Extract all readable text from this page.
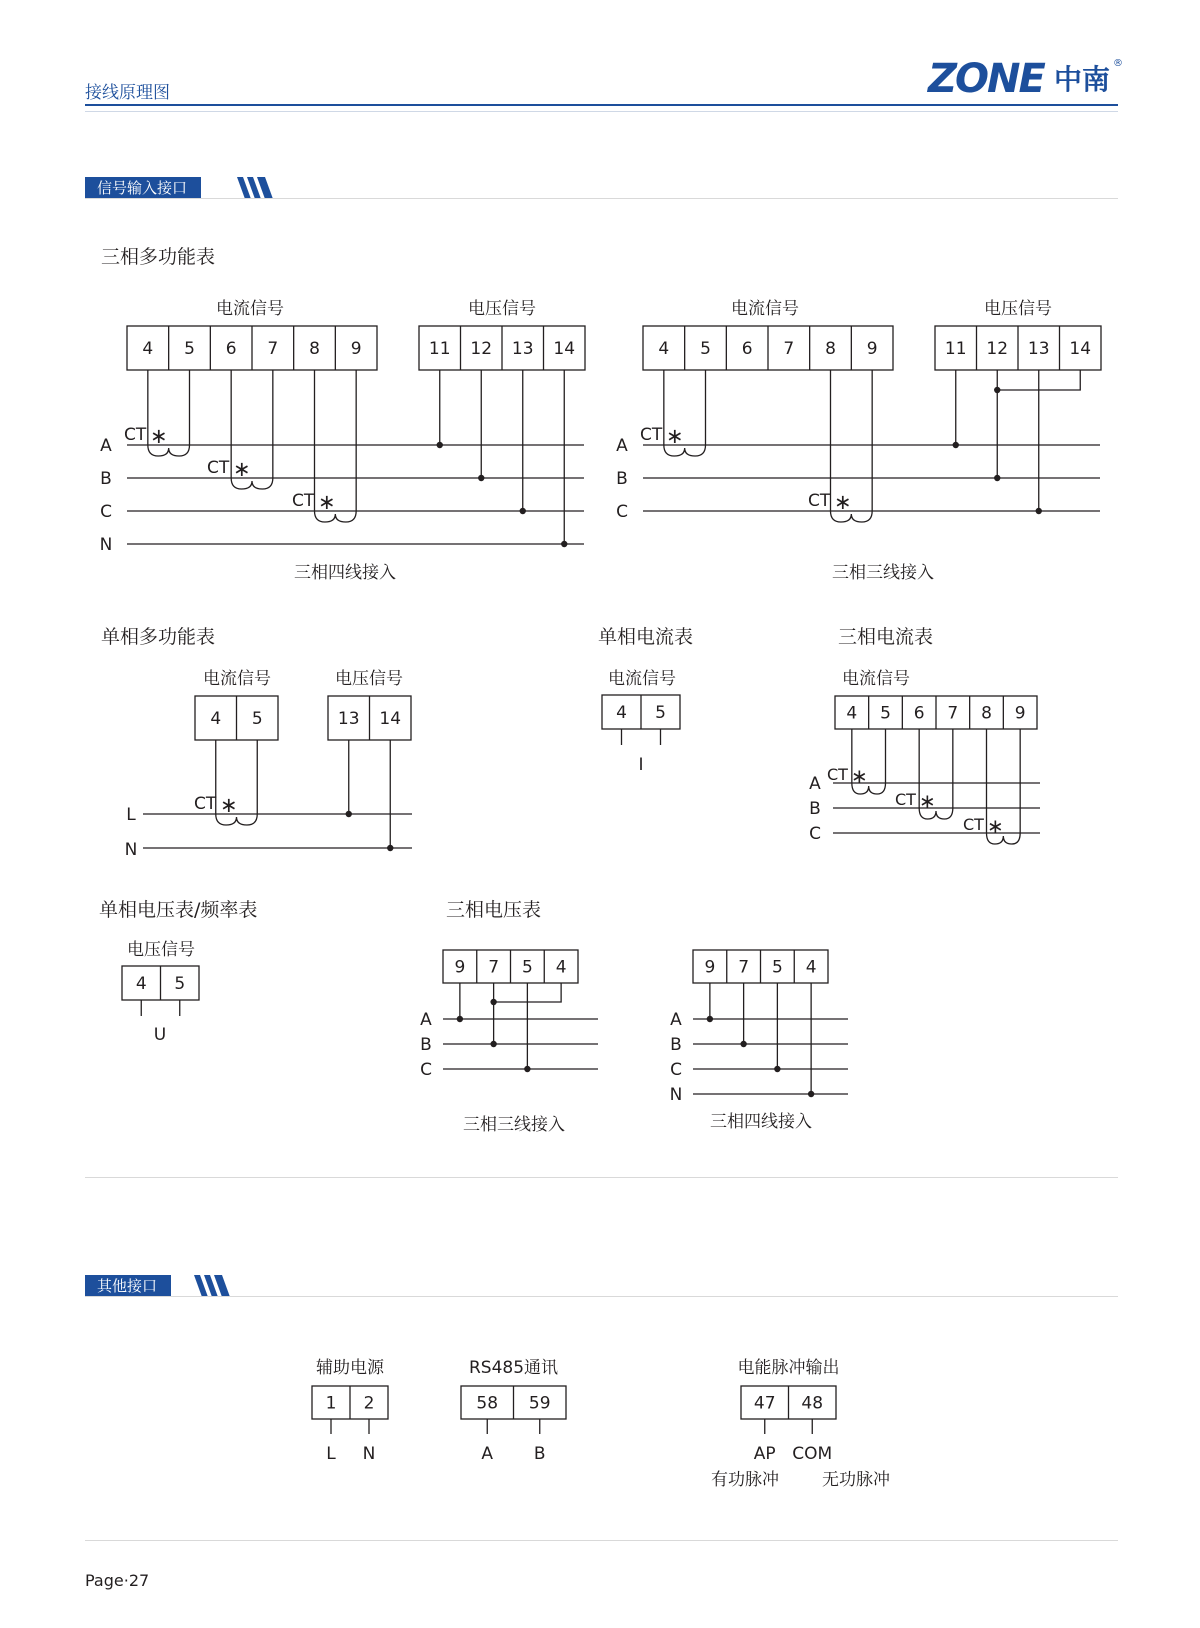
接线原理图	ZONE 中南 ®
信号输入接口
三相多功能表
单相多功能表	单相电流表	三相电流表
单相电压表/频率表	三相电压表
其他接口
Page·27
4 5 6 7 8 9	11 12 13 14
电流信号	电压信号
A
B
C
N
CT ∗
CT ∗
CT ∗
三相四线接入
4 5 6 7 8 9	11 12 13 14
电流信号	电压信号
A
B
C
CT ∗
CT ∗
三相三线接入
4 5	13 14
电流信号	电压信号
L
N
CT ∗
4 5
电流信号
I
4 5 6 7 8 9
电流信号
A
B
C
CT ∗
CT ∗
CT ∗
4 5
电压信号
U
9 7 5 4
A
B
C
三相三线接入
9 7 5 4
A
B
C
N
三相四线接入
1 2
辅助电源
L N
58 59
RS485通讯
A B
47 48
电能脉冲输出
AP COM
有功脉冲	无功脉冲
